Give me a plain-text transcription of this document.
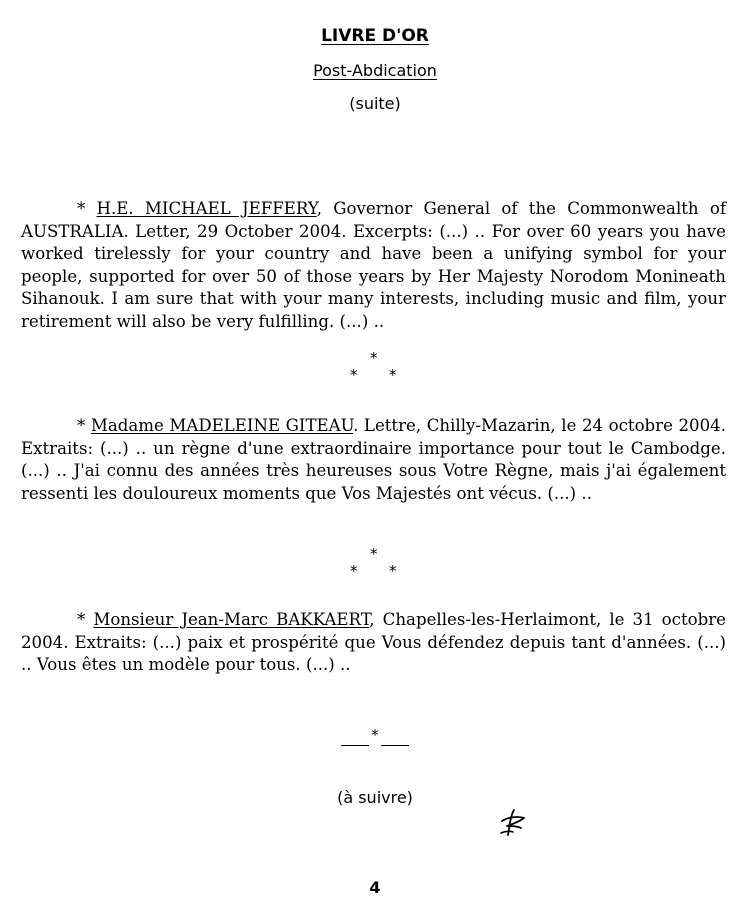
LIVRE D'OR
Post-Abdication
(suite)

* H.E. MICHAEL JEFFERY, Governor General of the Commonwealth of AUSTRALIA. Letter, 29 October 2004. Excerpts: (...) .. For over 60 years you have worked tirelessly for your country and have been a unifying symbol for your people, supported for over 50 of those years by Her Majesty Norodom Monineath Sihanouk. I am sure that with your many interests, including music and film, your retirement will also be very fulfilling. (...) ..

*
* *

* Madame MADELEINE GITEAU. Lettre, Chilly-Mazarin, le 24 octobre 2004. Extraits: (...) .. un règne d'une extraordinaire importance pour tout le Cambodge. (...) .. J'ai connu des années très heureuses sous Votre Règne, mais j'ai également ressenti les douloureux moments que Vos Majestés ont vécus. (...) ..

*
* *

* Monsieur Jean-Marc BAKKAERT, Chapelles-les-Herlaimont, le 31 octobre 2004. Extraits: (...) paix et prospérité que Vous défendez depuis tant d'années. (...) .. Vous êtes un modèle pour tous. (...) ..

*
(à suivre)
4
